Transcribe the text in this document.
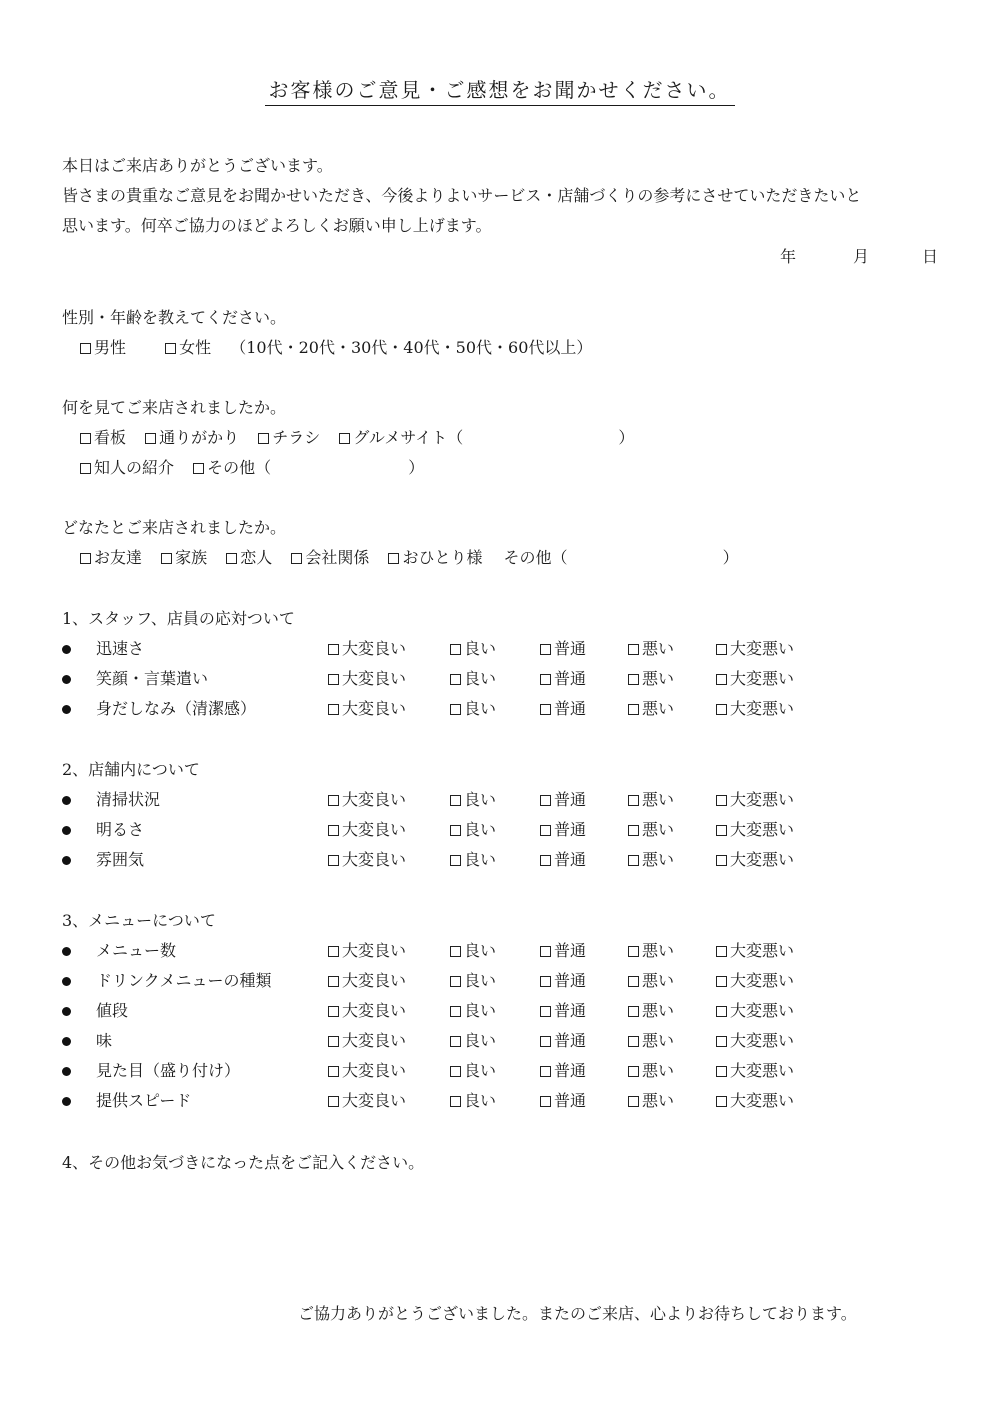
お客様のご意見・ご感想をお聞かせください。
本日はご来店ありがとうございます。
皆さまの貴重なご意見をお聞かせいただき、今後よりよいサービス・店舗づくりの参考にさせていただきたいと
思います。何卒ご協力のほどよろしくお願い申し上げます。
年	月	日
性別・年齢を教えてください。
男性	女性 （10代・20代・30代・40代・50代・60代以上）
何を見てご来店されましたか。
看板 通りがかり チラシ グルメサイト（	）
知人の紹介 その他（	）
どなたとご来店されましたか。
お友達 家族 恋人 会社関係 おひとり様 その他（	）
1、スタッフ、店員の応対ついて
迅速さ	大変良い	良い	普通	悪い	大変悪い
笑顔・言葉遣い	大変良い	良い	普通	悪い	大変悪い
身だしなみ（清潔感）	大変良い	良い	普通	悪い	大変悪い
2、店舗内について
清掃状況	大変良い	良い	普通	悪い	大変悪い
明るさ	大変良い	良い	普通	悪い	大変悪い
雰囲気	大変良い	良い	普通	悪い	大変悪い
3、メニューについて
メニュー数	大変良い	良い	普通	悪い	大変悪い
ドリンクメニューの種類	大変良い	良い	普通	悪い	大変悪い
値段	大変良い	良い	普通	悪い	大変悪い
味	大変良い	良い	普通	悪い	大変悪い
見た目（盛り付け）	大変良い	良い	普通	悪い	大変悪い
提供スピード	大変良い	良い	普通	悪い	大変悪い
4、その他お気づきになった点をご記入ください。
ご協力ありがとうございました。またのご来店、心よりお待ちしております。
